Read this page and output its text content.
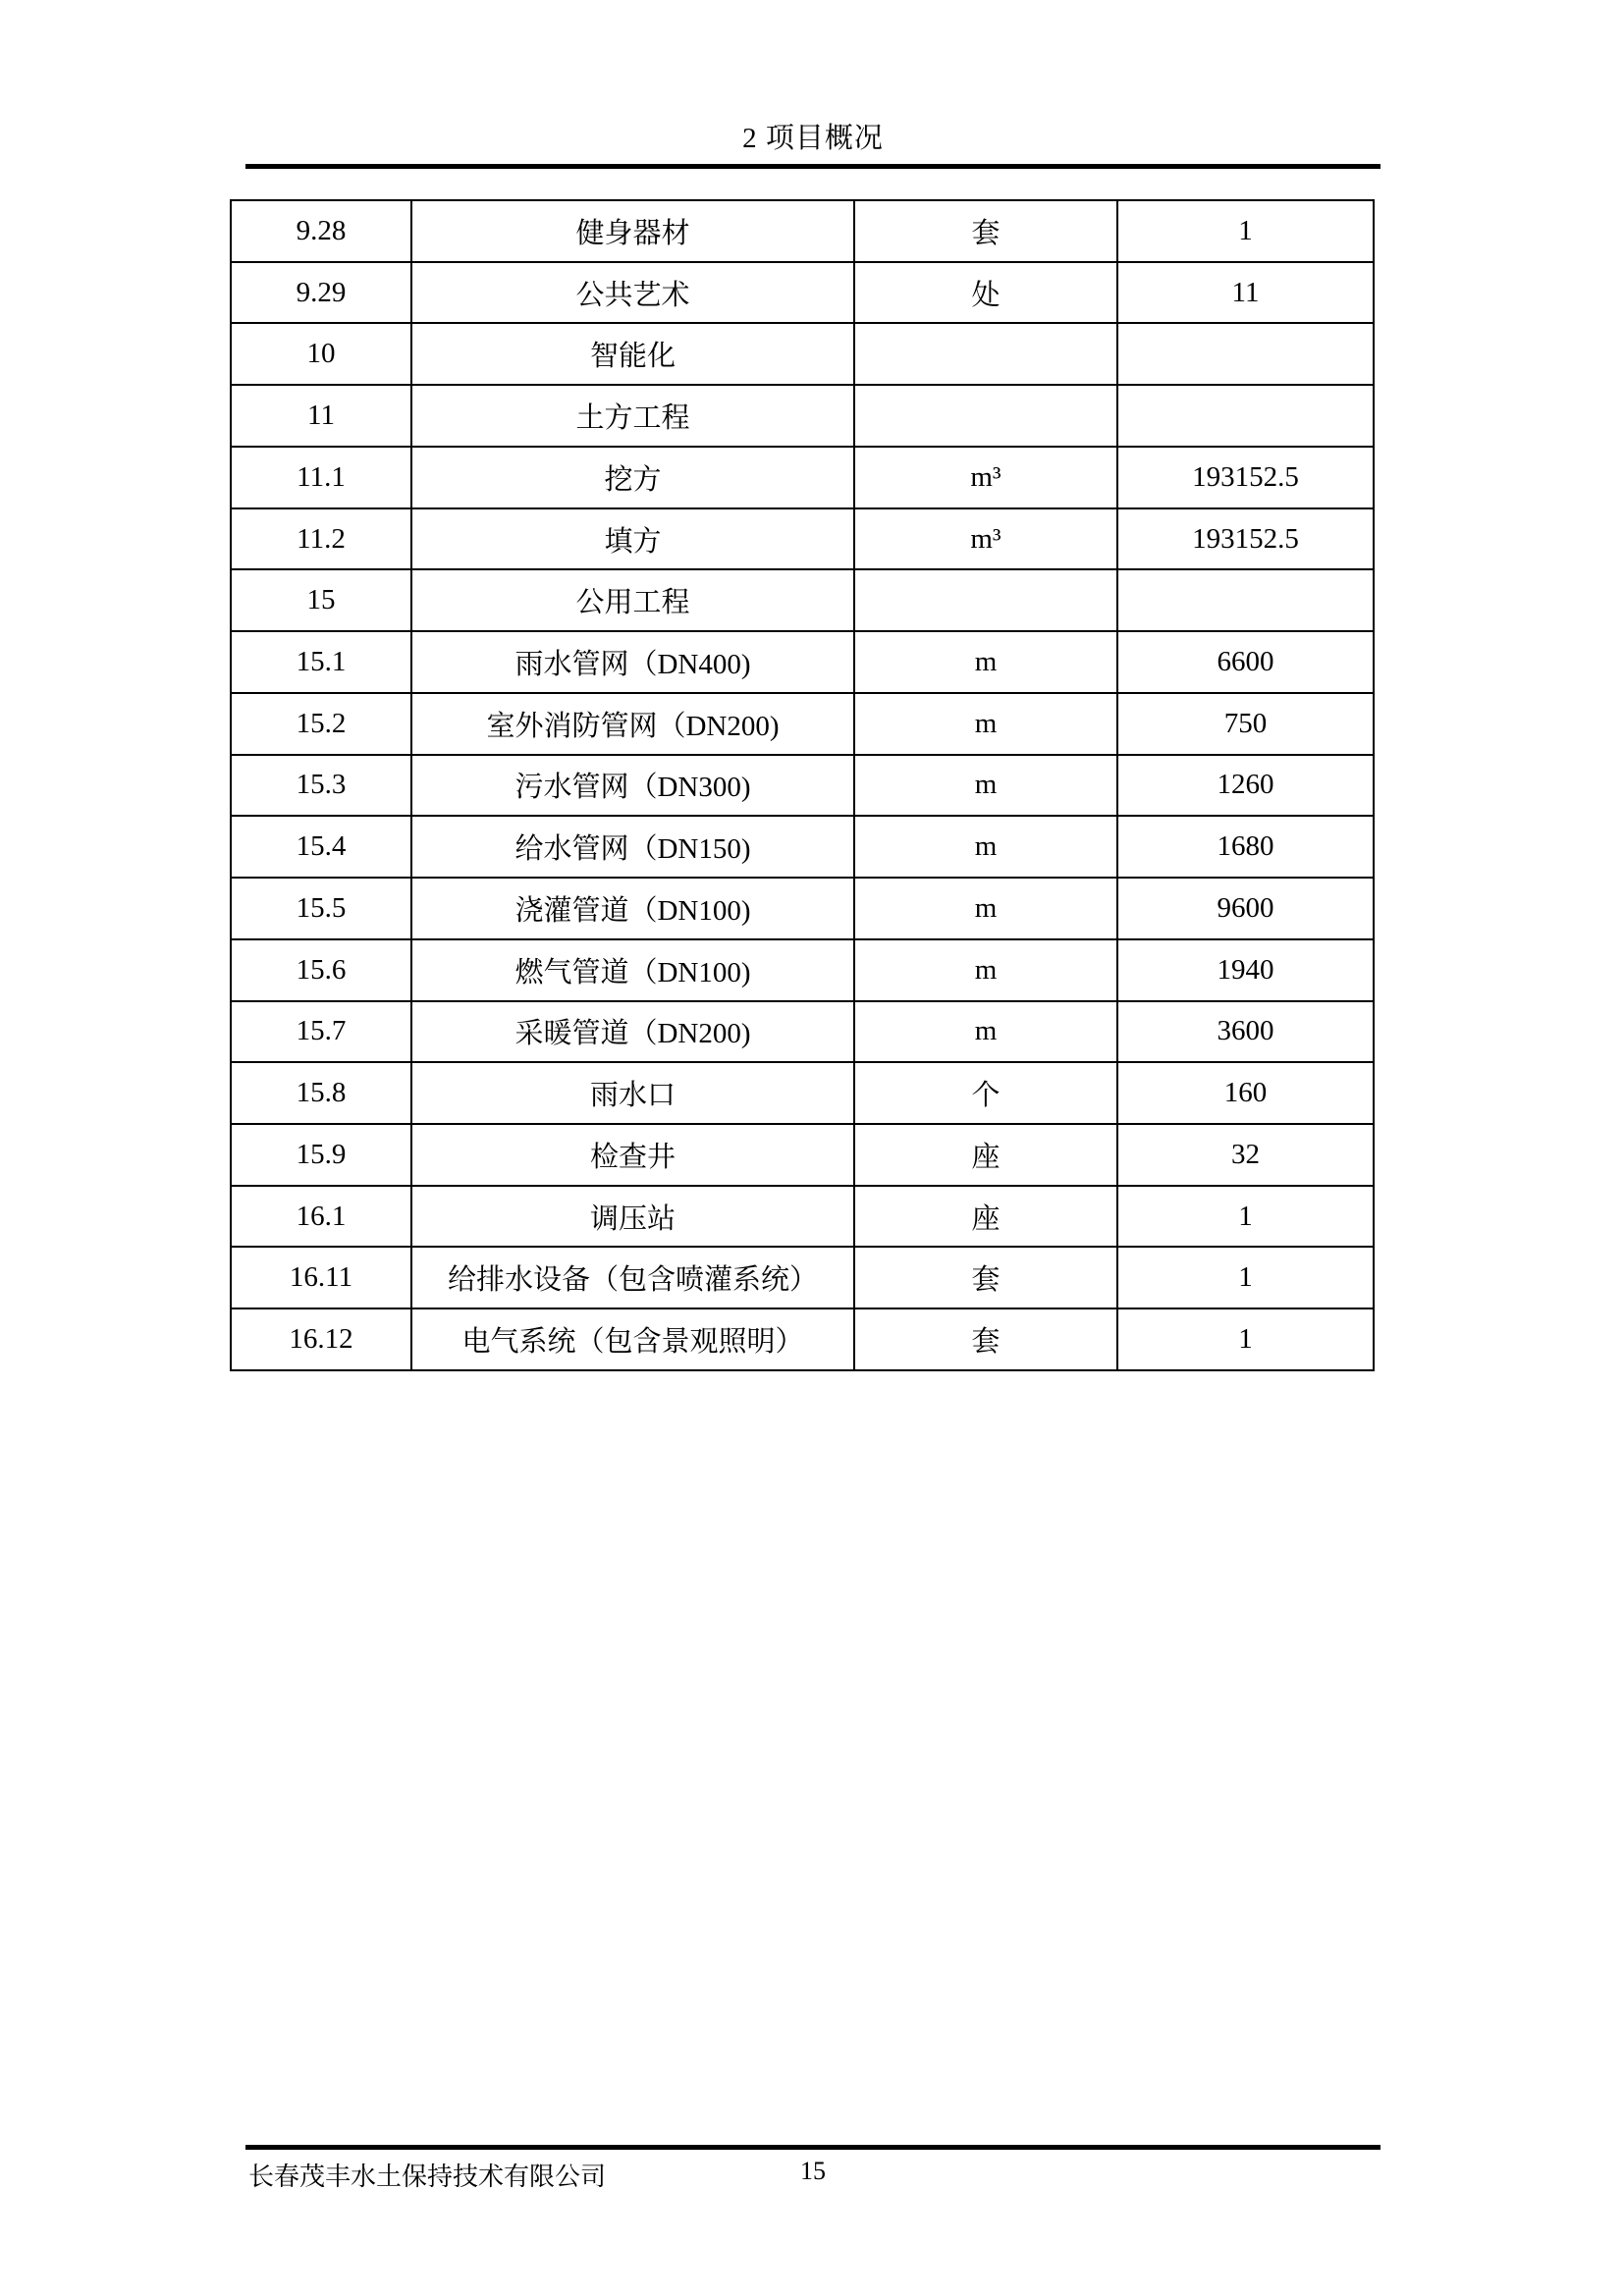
2 项目概况
9.28	健身器材	套	1
9.29	公共艺术	处	11
10	智能化		
11	土方工程		
11.1	挖方	m³	193152.5
11.2	填方	m³	193152.5
15	公用工程		
15.1	雨水管网（DN400)	m	6600
15.2	室外消防管网（DN200)	m	750
15.3	污水管网（DN300)	m	1260
15.4	给水管网（DN150)	m	1680
15.5	浇灌管道（DN100)	m	9600
15.6	燃气管道（DN100)	m	1940
15.7	采暖管道（DN200)	m	3600
15.8	雨水口	个	160
15.9	检查井	座	32
16.1	调压站	座	1
16.11	给排水设备（包含喷灌系统）	套	1
16.12	电气系统（包含景观照明）	套	1
长春茂丰水土保持技术有限公司	15
